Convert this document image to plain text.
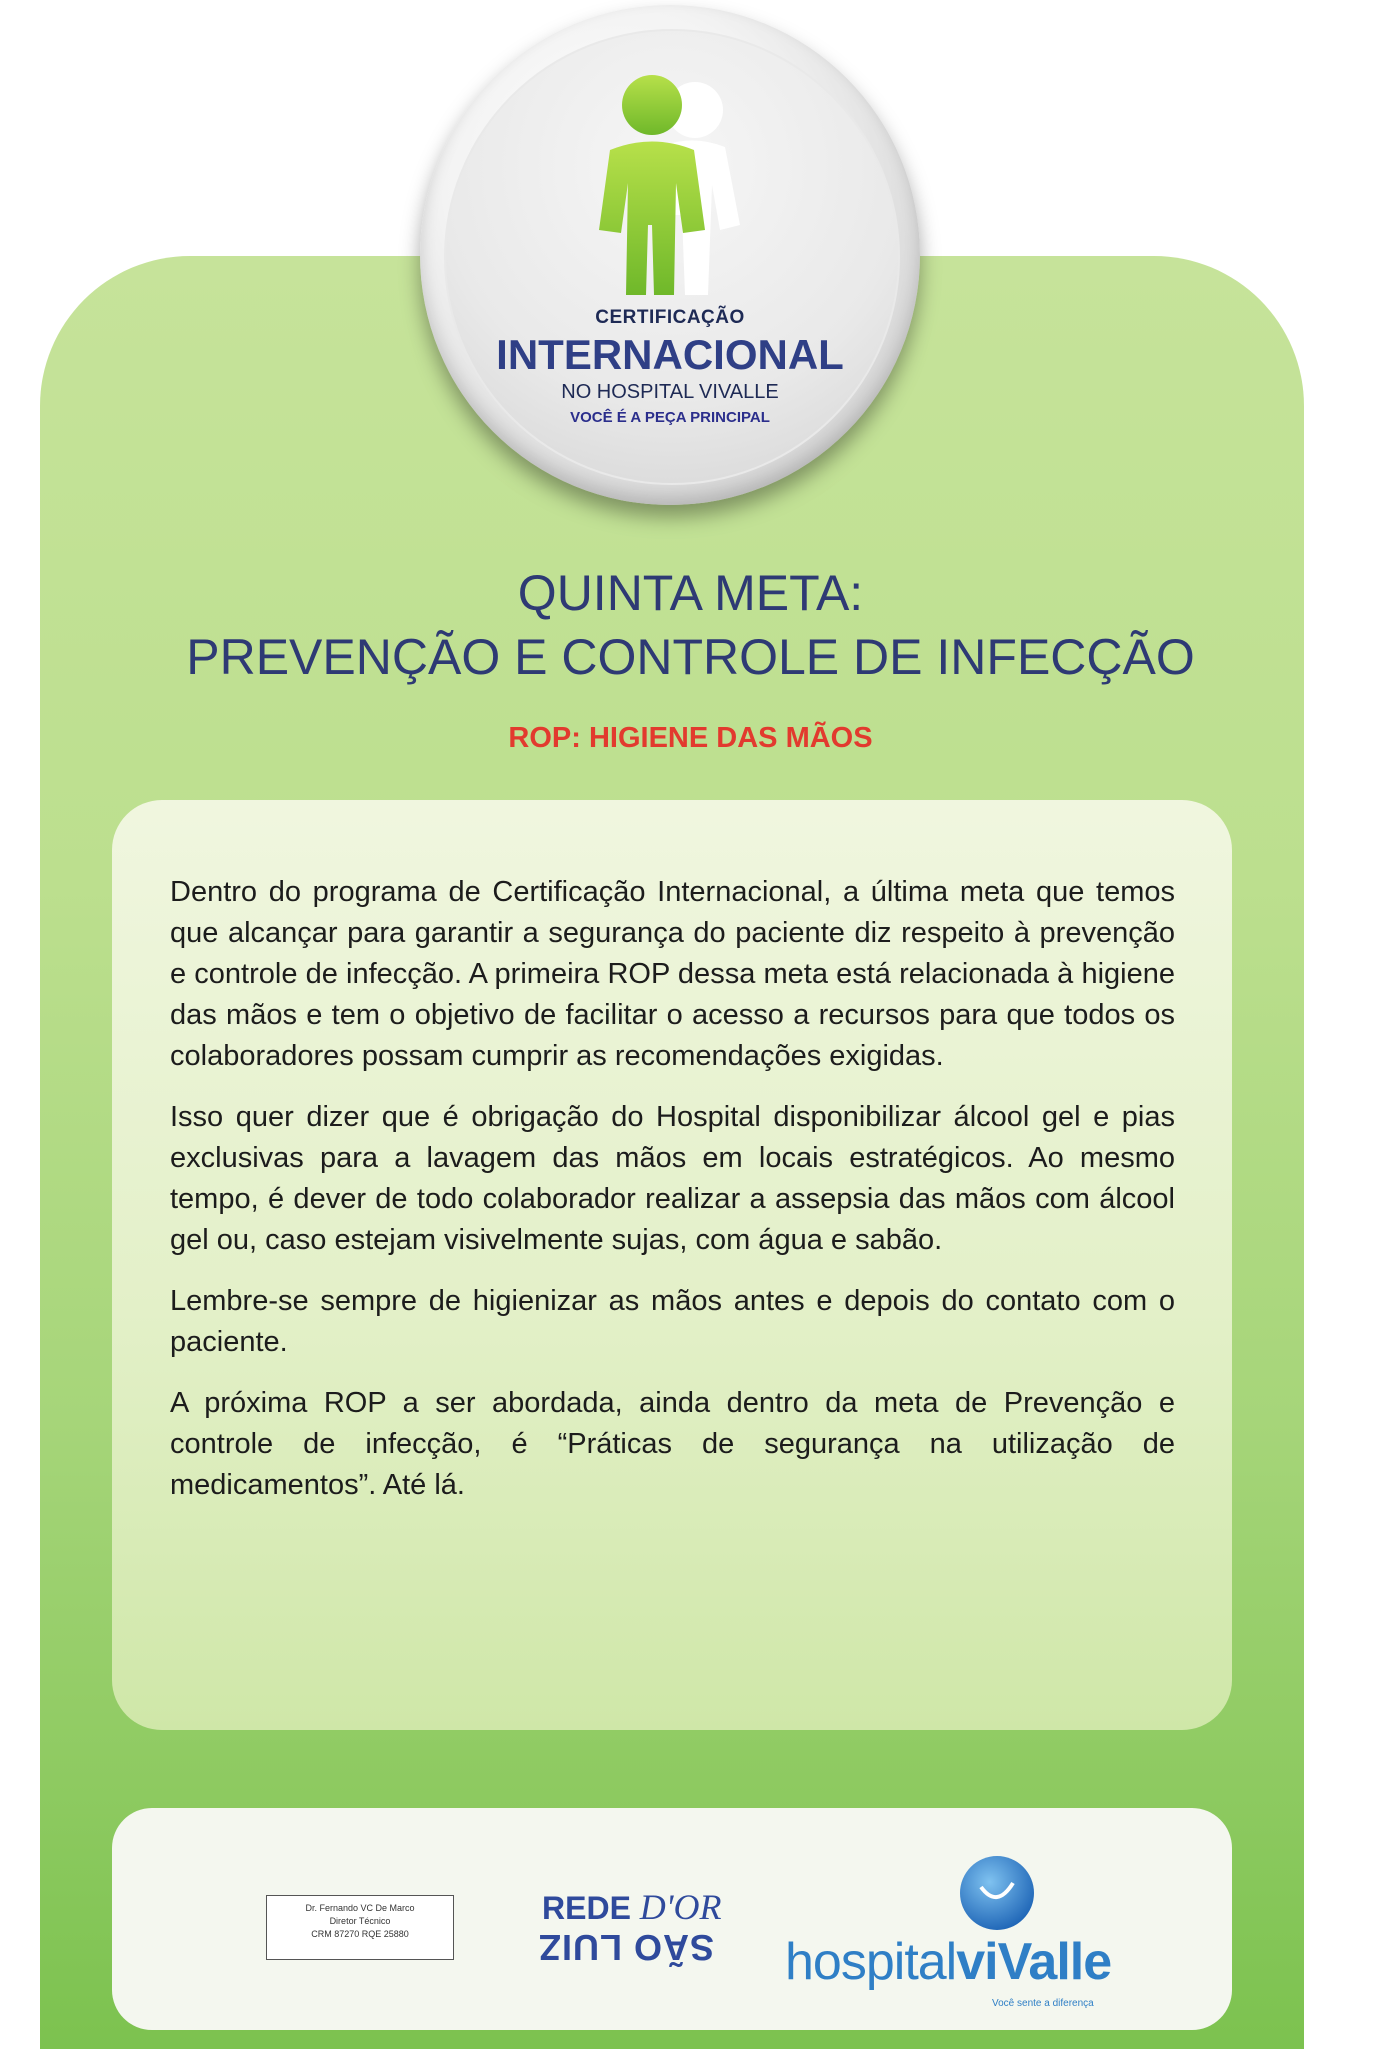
CERTIFICAÇÃO
INTERNACIONAL
NO HOSPITAL VIVALLE
VOCÊ É A PEÇA PRINCIPAL
QUINTA META:
PREVENÇÃO E CONTROLE DE INFECÇÃO
ROP: HIGIENE DAS MÃOS

Dentro do programa de Certificação Internacional, a última meta que temos que alcançar para garantir a segurança do paciente diz respeito à prevenção e controle de infecção. A primeira ROP dessa meta está relacionada à higiene das mãos e tem o objetivo de facilitar o acesso a recursos para que todos os colaboradores possam cumprir as recomendações exigidas.

Isso quer dizer que é obrigação do Hospital disponibilizar álcool gel e pias exclusivas para a lavagem das mãos em locais estratégicos. Ao mesmo tempo, é dever de todo colaborador realizar a assepsia das mãos com álcool gel ou, caso estejam visivelmente sujas, com água e sabão.

Lembre-se sempre de higienizar as mãos antes e depois do contato com o paciente.

A próxima ROP a ser abordada, ainda dentro da meta de Prevenção e controle de infecção, é “Práticas de segurança na utilização de medicamentos”. Até lá.

Dr. Fernando VC De Marco
Diretor Técnico
CRM 87270 RQE 25880
REDE D'OR
SÃO LUIZ hospitalviValle
Você sente a diferença
